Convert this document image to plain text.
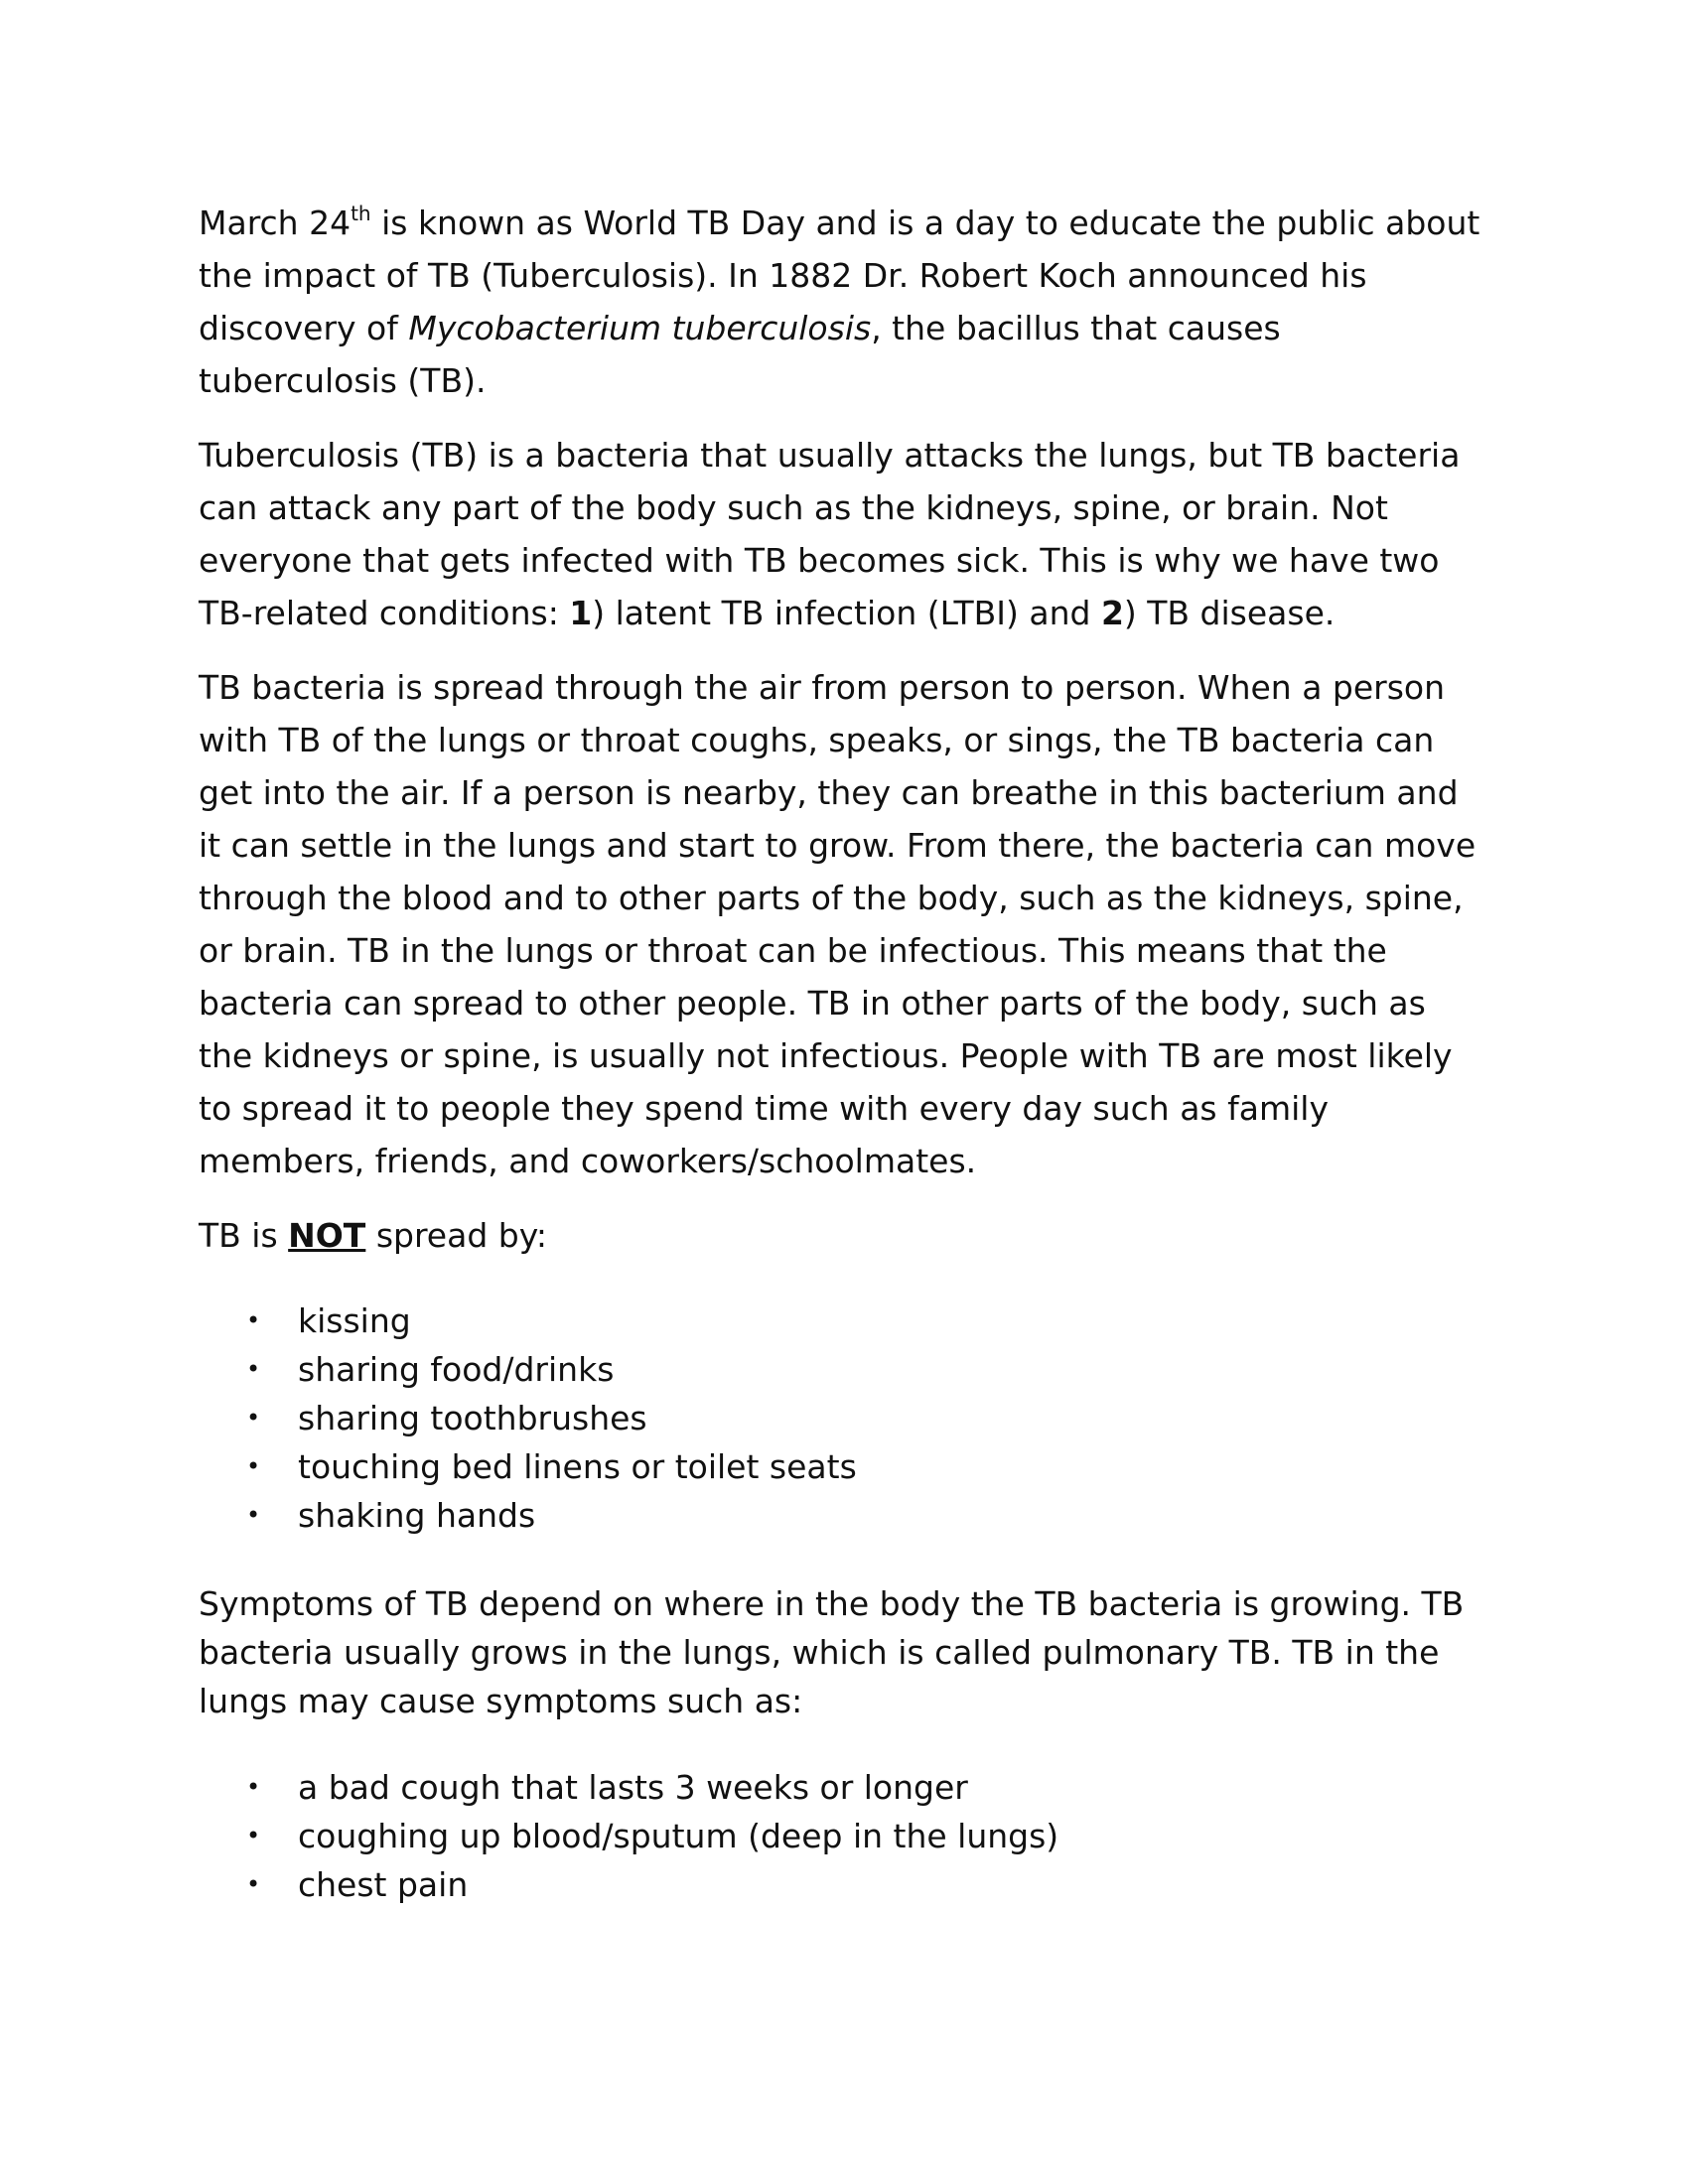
March 24th is known as World TB Day and is a day to educate the public about the impact of TB (Tuberculosis). In 1882 Dr. Robert Koch announced his discovery of Mycobacterium tuberculosis, the bacillus that causes tuberculosis (TB).

Tuberculosis (TB) is a bacteria that usually attacks the lungs, but TB bacteria can attack any part of the body such as the kidneys, spine, or brain. Not everyone that gets infected with TB becomes sick. This is why we have two TB-related conditions: 1) latent TB infection (LTBI) and 2) TB disease.

TB bacteria is spread through the air from person to person. When a person with TB of the lungs or throat coughs, speaks, or sings, the TB bacteria can get into the air. If a person is nearby, they can breathe in this bacterium and it can settle in the lungs and start to grow. From there, the bacteria can move through the blood and to other parts of the body, such as the kidneys, spine, or brain. TB in the lungs or throat can be infectious. This means that the bacteria can spread to other people. TB in other parts of the body, such as the kidneys or spine, is usually not infectious. People with TB are most likely to spread it to people they spend time with every day such as family members, friends, and coworkers/schoolmates.

TB is NOT spread by:

• kissing
• sharing food/drinks
• sharing toothbrushes
• touching bed linens or toilet seats
• shaking hands

Symptoms of TB depend on where in the body the TB bacteria is growing. TB bacteria usually grows in the lungs, which is called pulmonary TB. TB in the lungs may cause symptoms such as:

• a bad cough that lasts 3 weeks or longer
• coughing up blood/sputum (deep in the lungs)
• chest pain
